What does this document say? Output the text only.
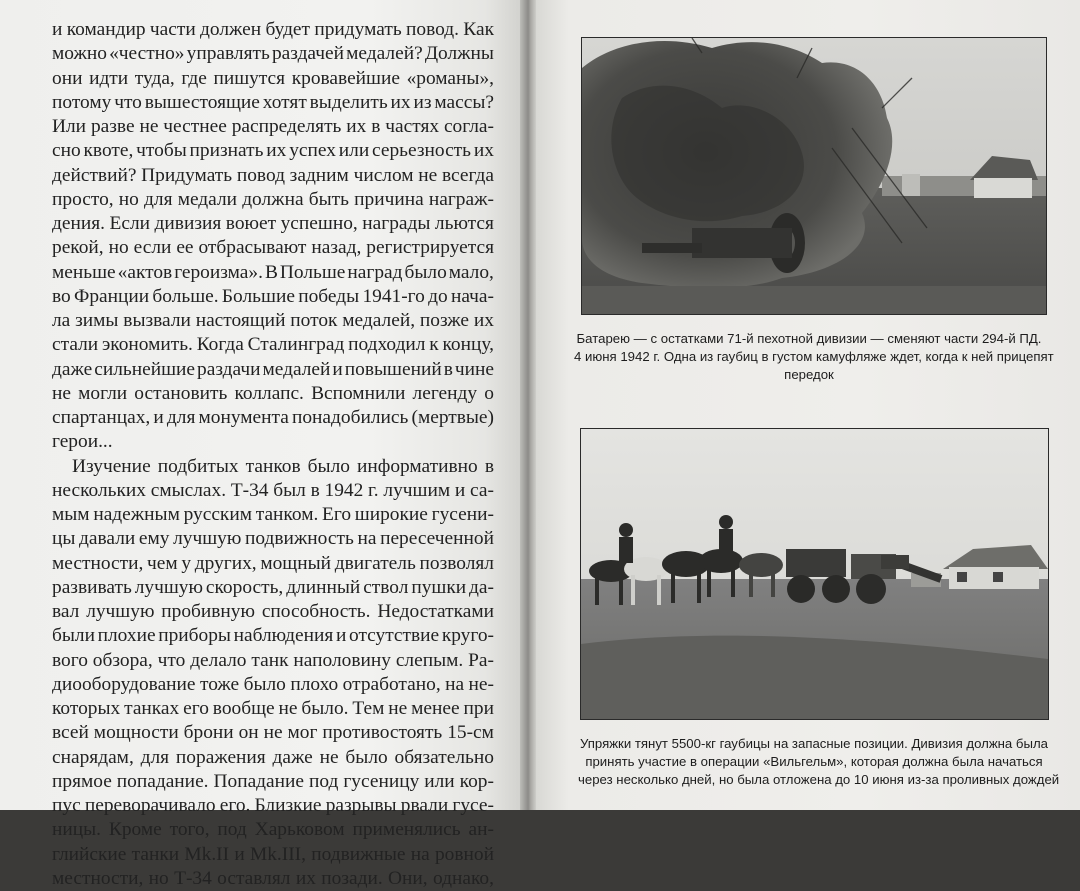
и командир части должен будет придумать повод. Как
можно «честно» управлять раздачей медалей? Должны
они идти туда, где пишутся кровавейшие «романы»,
потому что вышестоящие хотят выделить их из массы?
Или разве не честнее распределять их в частях согла-
сно квоте, чтобы признать их успех или серьезность их
действий? Придумать повод задним числом не всегда
просто, но для медали должна быть причина награж-
дения. Если дивизия воюет успешно, награды льются
рекой, но если ее отбрасывают назад, регистрируется
меньше «актов героизма». В Польше наград было мало,
во Франции больше. Большие победы 1941-го до нача-
ла зимы вызвали настоящий поток медалей, позже их
стали экономить. Когда Сталинград подходил к концу,
даже сильнейшие раздачи медалей и повышений в чине
не могли остановить коллапс. Вспомнили легенду о
спартанцах, и для монумента понадобились (мертвые)
герои...
Изучение подбитых танков было информативно в
нескольких смыслах. Т-34 был в 1942 г. лучшим и са-
мым надежным русским танком. Его широкие гусени-
цы давали ему лучшую подвижность на пересеченной
местности, чем у других, мощный двигатель позволял
развивать лучшую скорость, длинный ствол пушки да-
вал лучшую пробивную способность. Недостатками
были плохие приборы наблюдения и отсутствие круго-
вого обзора, что делало танк наполовину слепым. Ра-
диооборудование тоже было плохо отработано, на не-
которых танках его вообще не было. Тем не менее при
всей мощности брони он не мог противостоять 15-см
снарядам, для поражения даже не было обязательно
прямое попадание. Попадание под гусеницу или кор-
пус переворачивало его. Близкие разрывы рвали гусе-
ницы. Кроме того, под Харьковом применялись ан-
глийские танки Mk.II и Mk.III, подвижные на ровной
местности, но Т-34 оставлял их позади. Они, однако,
Батарею — с остатками 71-й пехотной дивизии — сменяют части 294-й ПД.
4 июня 1942 г. Одна из гаубиц в густом камуфляже ждет, когда к ней прицепят
передок
Упряжки тянут 5500-кг гаубицы на запасные позиции. Дивизия должна была
принять участие в операции «Вильгельм», которая должна была начаться
через несколько дней, но была отложена до 10 июня из-за проливных дождей
